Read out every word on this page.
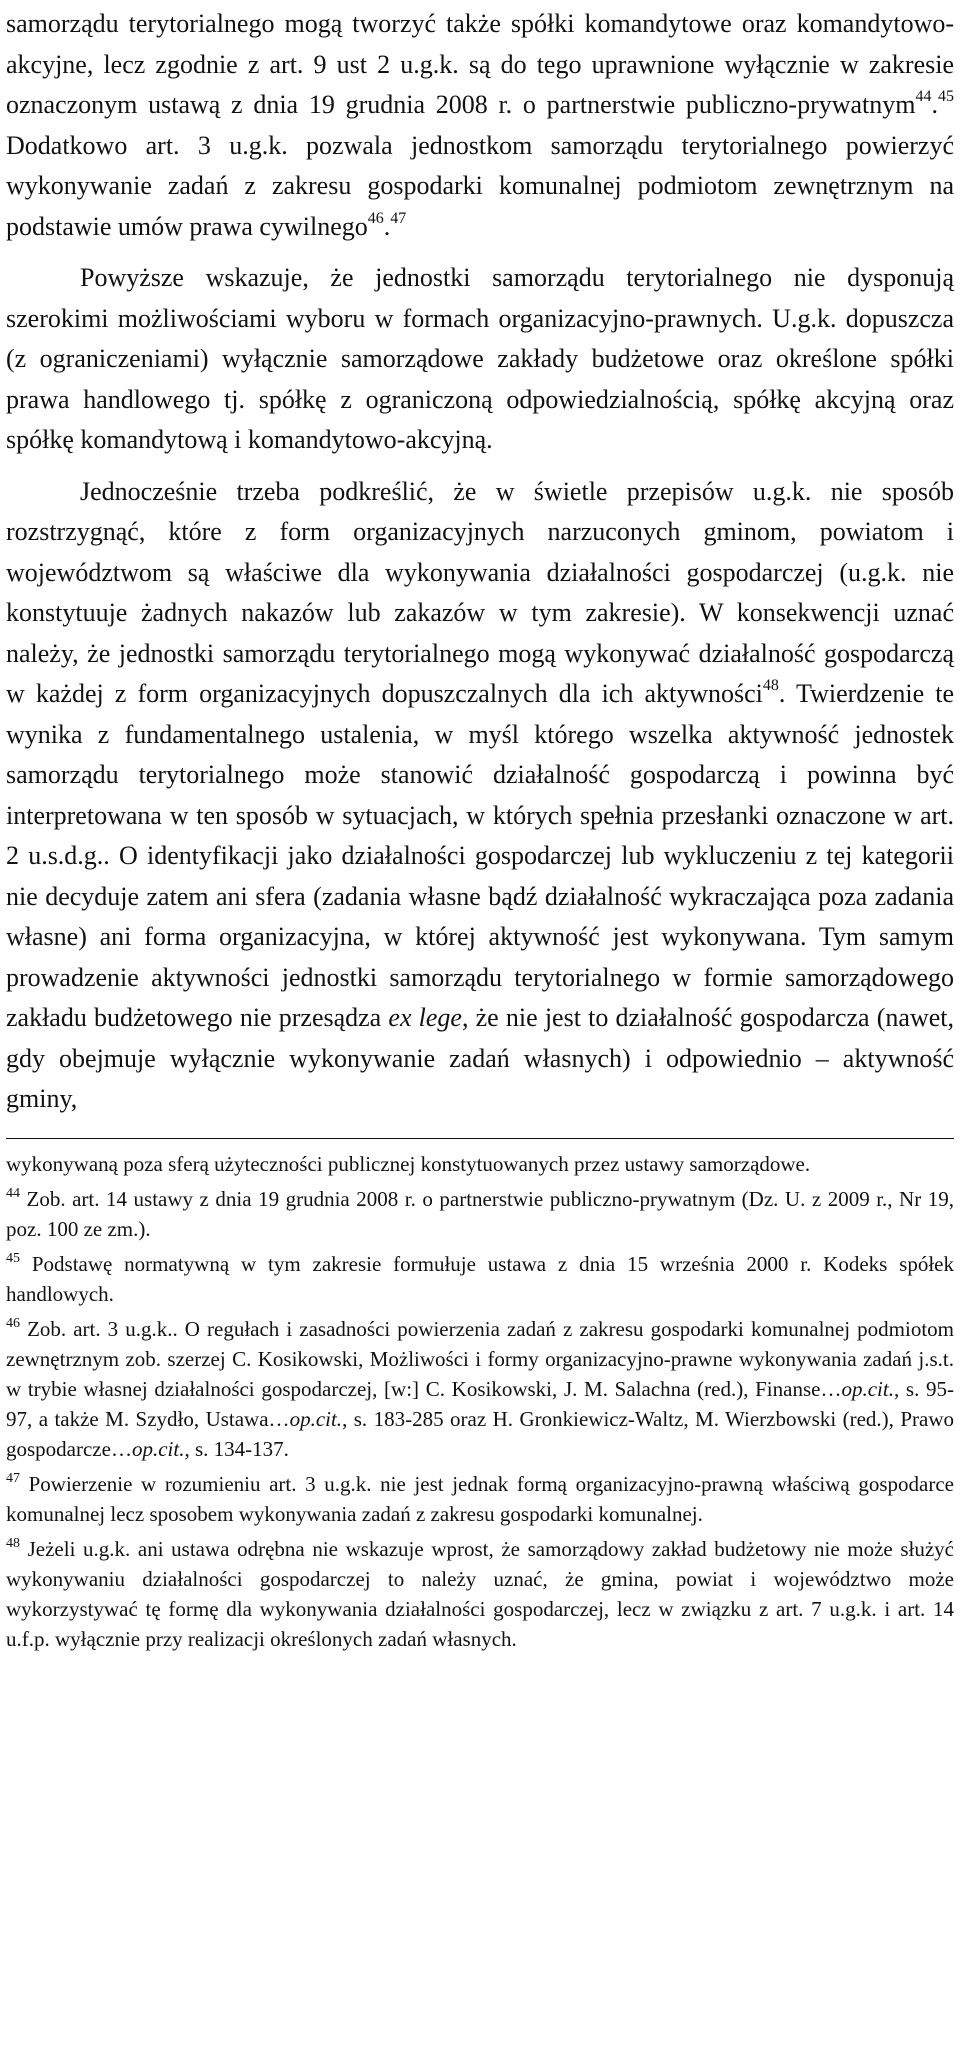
samorządu terytorialnego mogą tworzyć także spółki komandytowe oraz komandytowo-akcyjne, lecz zgodnie z art. 9 ust 2 u.g.k. są do tego uprawnione wyłącznie w zakresie oznaczonym ustawą z dnia 19 grudnia 2008 r. o partnerstwie publiczno-prywatnym$^{44}$.$^{45}$ Dodatkowo art. 3 u.g.k. pozwala jednostkom samorządu terytorialnego powierzyć wykonywanie zadań z zakresu gospodarki komunalnej podmiotom zewnętrznym na podstawie umów prawa cywilnego$^{46}$.$^{47}$

Powyższe wskazuje, że jednostki samorządu terytorialnego nie dysponują szerokimi możliwościami wyboru w formach organizacyjno-prawnych. U.g.k. dopuszcza (z ograniczeniami) wyłącznie samorządowe zakłady budżetowe oraz określone spółki prawa handlowego tj. spółkę z ograniczoną odpowiedzialnością, spółkę akcyjną oraz spółkę komandytową i komandytowo-akcyjną.

Jednocześnie trzeba podkreślić, że w świetle przepisów u.g.k. nie sposób rozstrzygnąć, które z form organizacyjnych narzuconych gminom, powiatom i województwom są właściwe dla wykonywania działalności gospodarczej (u.g.k. nie konstytuuje żadnych nakazów lub zakazów w tym zakresie). W konsekwencji uznać należy, że jednostki samorządu terytorialnego mogą wykonywać działalność gospodarczą w każdej z form organizacyjnych dopuszczalnych dla ich aktywności$^{48}$. Twierdzenie te wynika z fundamentalnego ustalenia, w myśl którego wszelka aktywność jednostek samorządu terytorialnego może stanowić działalność gospodarczą i powinna być interpretowana w ten sposób w sytuacjach, w których spełnia przesłanki oznaczone w art. 2 u.s.d.g.. O identyfikacji jako działalności gospodarczej lub wykluczeniu z tej kategorii nie decyduje zatem ani sfera (zadania własne bądź działalność wykraczająca poza zadania własne) ani forma organizacyjna, w której aktywność jest wykonywana. Tym samym prowadzenie aktywności jednostki samorządu terytorialnego w formie samorządowego zakładu budżetowego nie przesądza ex lege, że nie jest to działalność gospodarcza (nawet, gdy obejmuje wyłącznie wykonywanie zadań własnych) i odpowiednio – aktywność gminy,

wykonywaną poza sferą użyteczności publicznej konstytuowanych przez ustawy samorządowe.

$^{44}$ Zob. art. 14 ustawy z dnia 19 grudnia 2008 r. o partnerstwie publiczno-prywatnym (Dz. U. z 2009 r., Nr 19, poz. 100 ze zm.).

$^{45}$ Podstawę normatywną w tym zakresie formułuje ustawa z dnia 15 września 2000 r. Kodeks spółek handlowych.

$^{46}$ Zob. art. 3 u.g.k.. O regułach i zasadności powierzenia zadań z zakresu gospodarki komunalnej podmiotom zewnętrznym zob. szerzej C. Kosikowski, Możliwości i formy organizacyjno-prawne wykonywania zadań j.s.t. w trybie własnej działalności gospodarczej, [w:] C. Kosikowski, J. M. Salachna (red.), Finanse…op.cit., s. 95-97, a także M. Szydło, Ustawa…op.cit., s. 183-285 oraz H. Gronkiewicz-Waltz, M. Wierzbowski (red.), Prawo gospodarcze…op.cit., s. 134-137.

$^{47}$ Powierzenie w rozumieniu art. 3 u.g.k. nie jest jednak formą organizacyjno-prawną właściwą gospodarce komunalnej lecz sposobem wykonywania zadań z zakresu gospodarki komunalnej.

$^{48}$ Jeżeli u.g.k. ani ustawa odrębna nie wskazuje wprost, że samorządowy zakład budżetowy nie może służyć wykonywaniu działalności gospodarczej to należy uznać, że gmina, powiat i województwo może wykorzystywać tę formę dla wykonywania działalności gospodarczej, lecz w związku z art. 7 u.g.k. i art. 14 u.f.p. wyłącznie przy realizacji określonych zadań własnych.
